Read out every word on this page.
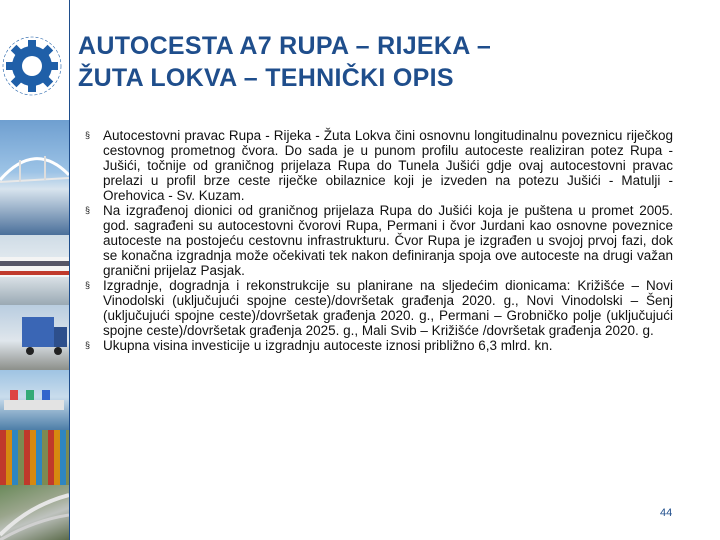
AUTOCESTA A7 RUPA – RIJEKA –
ŽUTA LOKVA – TEHNIČKI OPIS
§ Autocestovni pravac Rupa - Rijeka - Žuta Lokva čini osnovnu longitudinalnu poveznicu riječkog cestovnog prometnog čvora. Do sada je u punom profilu autoceste realiziran potez Rupa - Jušići, točnije od graničnog prijelaza Rupa do Tunela Jušići gdje ovaj autocestovni pravac prelazi u profil brze ceste riječke obilaznice koji je izveden na potezu Jušići - Matulji - Orehovica - Sv. Kuzam.
§ Na izgrađenoj dionici od graničnog prijelaza Rupa do Jušići koja je puštena u promet 2005. god. sagrađeni su autocestovni čvorovi Rupa, Permani i čvor Jurdani kao osnovne poveznice autoceste na postojeću cestovnu infrastrukturu. Čvor Rupa je izgrađen u svojoj prvoj fazi, dok se konačna izgradnja može očekivati tek nakon definiranja spoja ove autoceste na drugi važan granični prijelaz Pasjak.
§ Izgradnje, dogradnja i rekonstrukcije su planirane na sljedećim dionicama: Križišće – Novi Vinodolski (uključujući spojne ceste)/dovršetak građenja 2020. g., Novi Vinodolski – Šenj (uključujući spojne ceste)/dovršetak građenja 2020. g., Permani – Grobničko polje (uključujući spojne ceste)/dovršetak građenja 2025. g., Mali Svib – Križišće /dovršetak građenja 2020. g.
§ Ukupna visina investicije u izgradnju autoceste iznosi približno 6,3 mlrd. kn.
44
